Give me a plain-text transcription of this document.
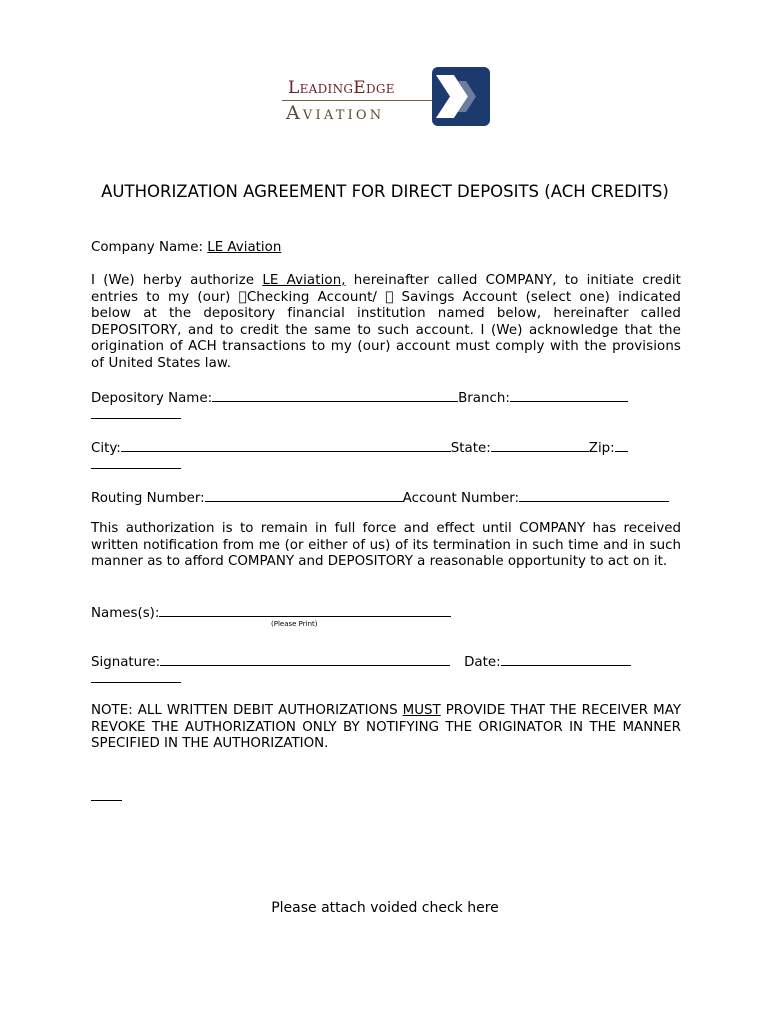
LeadingEdge
Aviation
AUTHORIZATION AGREEMENT FOR DIRECT DEPOSITS (ACH CREDITS)
Company Name: LE Aviation
I (We) herby authorize LE Aviation, hereinafter called COMPANY, to initiate credit entries to my (our) Checking Account/ Savings Account (select one) indicated below at the depository financial institution named below, hereinafter called DEPOSITORY, and to credit the same to such account. I (We) acknowledge that the origination of ACH transactions to my (our) account must comply with the provisions of United States law.
Depository Name:	Branch:
City:	State:	Zip:
Routing Number:	Account Number:
This authorization is to remain in full force and effect until COMPANY has received written notification from me (or either of us) of its termination in such time and in such manner as to afford COMPANY and DEPOSITORY a reasonable opportunity to act on it.
Names(s):
(Please Print)
Signature:	Date:
NOTE: ALL WRITTEN DEBIT AUTHORIZATIONS MUST PROVIDE THAT THE RECEIVER MAY REVOKE THE AUTHORIZATION ONLY BY NOTIFYING THE ORIGINATOR IN THE MANNER SPECIFIED IN THE AUTHORIZATION.
Please attach voided check here
